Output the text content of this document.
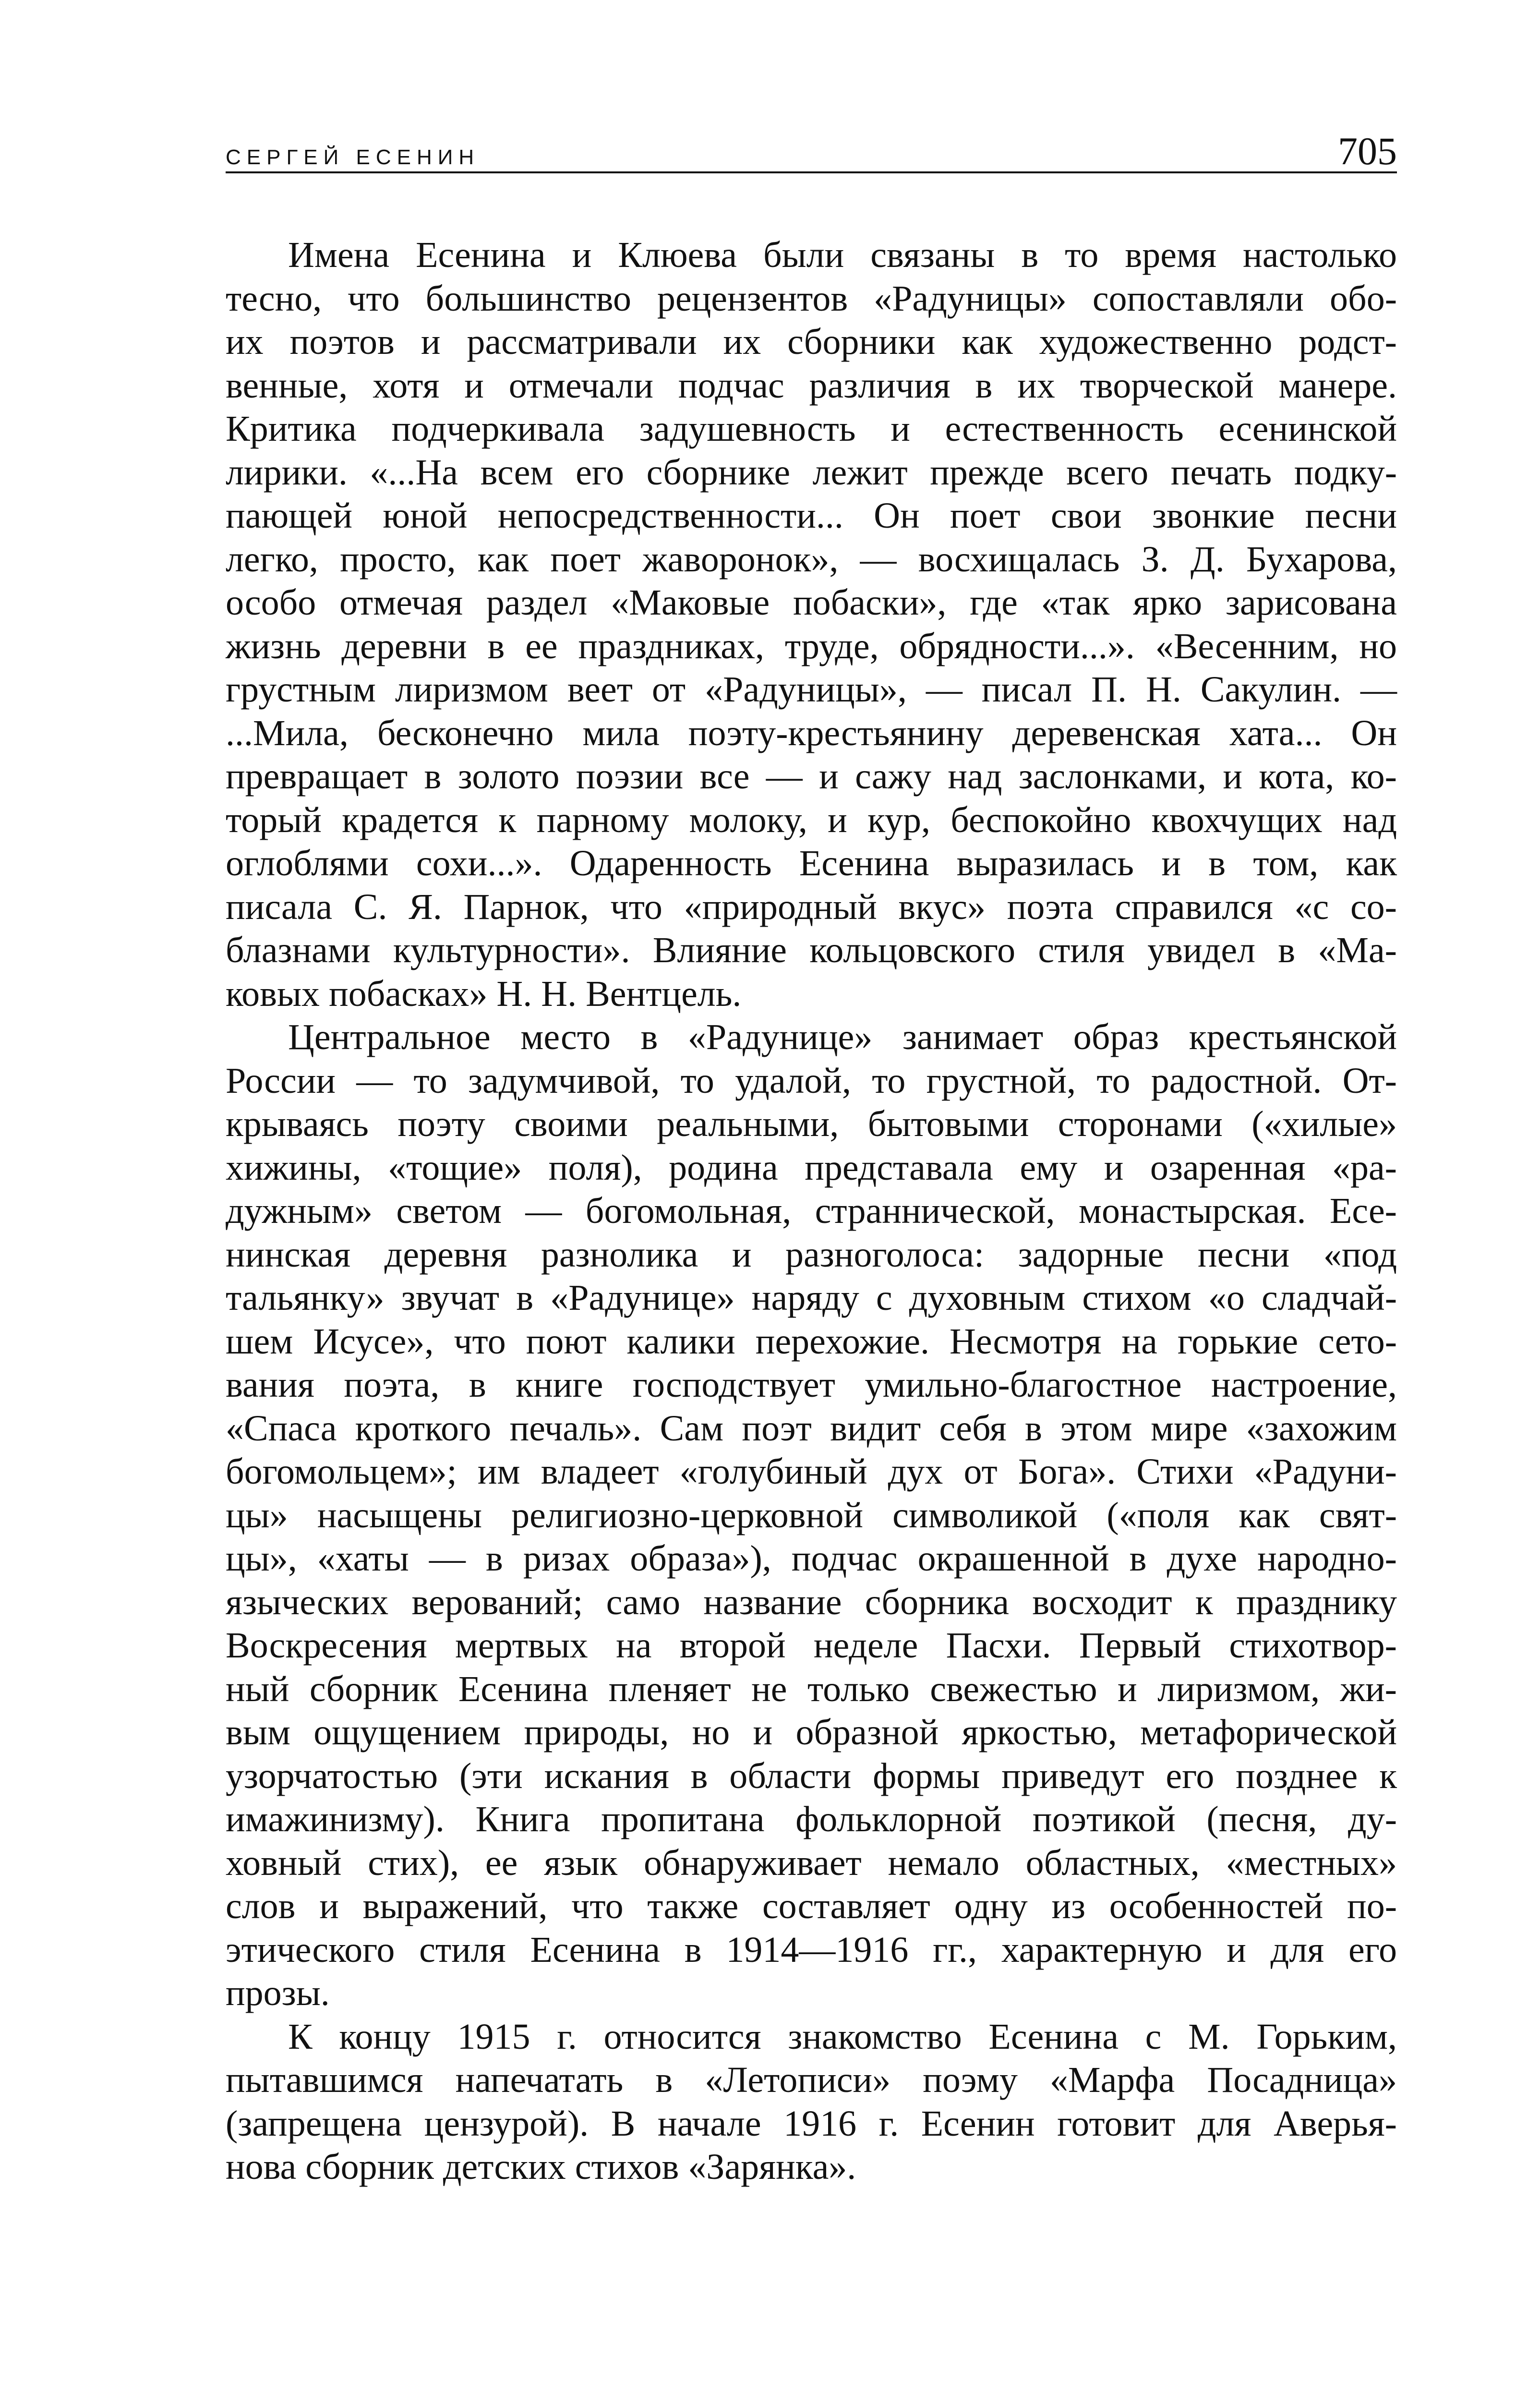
СЕРГЕЙ ЕСЕНИН	705

Имена Есенина и Клюева были связаны в то время настолько
тесно, что большинство рецензентов «Радуницы» сопоставляли обо-
их поэтов и рассматривали их сборники как художественно родст-
венные, хотя и отмечали подчас различия в их творческой манере.
Критика подчеркивала задушевность и естественность есенинской
лирики. «...На всем его сборнике лежит прежде всего печать подку-
пающей юной непосредственности... Он поет свои звонкие песни
легко, просто, как поет жаворонок», — восхищалась З. Д. Бухарова,
особо отмечая раздел «Маковые побаски», где «так ярко зарисована
жизнь деревни в ее праздниках, труде, обрядности...». «Весенним, но
грустным лиризмом веет от «Радуницы», — писал П. Н. Сакулин. —
...Мила, бесконечно мила поэту-крестьянину деревенская хата... Он
превращает в золото поэзии все — и сажу над заслонками, и кота, ко-
торый крадется к парному молоку, и кур, беспокойно квохчущих над
оглоблями сохи...». Одаренность Есенина выразилась и в том, как
писала С. Я. Парнок, что «природный вкус» поэта справился «с со-
блазнами культурности». Влияние кольцовского стиля увидел в «Ма-
ковых побасках» Н. Н. Вентцель.

Центральное место в «Радунице» занимает образ крестьянской
России — то задумчивой, то удалой, то грустной, то радостной. От-
крываясь поэту своими реальными, бытовыми сторонами («хилые»
хижины, «тощие» поля), родина представала ему и озаренная «ра-
дужным» светом — богомольная, страннической, монастырская. Есе-
нинская деревня разнолика и разноголоса: задорные песни «под
тальянку» звучат в «Радунице» наряду с духовным стихом «о сладчай-
шем Исусе», что поют калики перехожие. Несмотря на горькие сето-
вания поэта, в книге господствует умильно-благостное настроение,
«Спаса кроткого печаль». Сам поэт видит себя в этом мире «захожим
богомольцем»; им владеет «голубиный дух от Бога». Стихи «Радуни-
цы» насыщены религиозно-церковной символикой («поля как свят-
цы», «хаты — в ризах образа»), подчас окрашенной в духе народно-
языческих верований; само название сборника восходит к празднику
Воскресения мертвых на второй неделе Пасхи. Первый стихотвор-
ный сборник Есенина пленяет не только свежестью и лиризмом, жи-
вым ощущением природы, но и образной яркостью, метафорической
узорчатостью (эти искания в области формы приведут его позднее к
имажинизму). Книга пропитана фольклорной поэтикой (песня, ду-
ховный стих), ее язык обнаруживает немало областных, «местных»
слов и выражений, что также составляет одну из особенностей по-
этического стиля Есенина в 1914—1916 гг., характерную и для его
прозы.

К концу 1915 г. относится знакомство Есенина с М. Горьким,
пытавшимся напечатать в «Летописи» поэму «Марфа Посадница»
(запрещена цензурой). В начале 1916 г. Есенин готовит для Аверья-
нова сборник детских стихов «Зарянка».
